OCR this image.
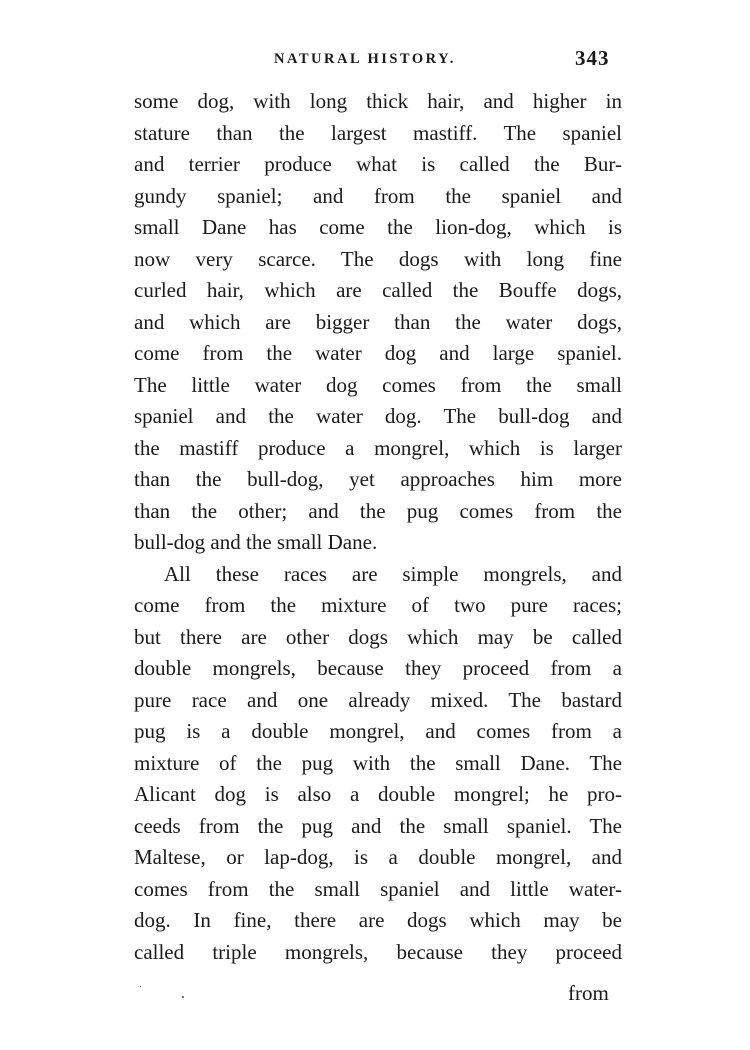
NATURAL HISTORY.	343
some dog, with long thick hair, and higher in
stature than the largest mastiff. The spaniel
and terrier produce what is called the Bur-
gundy spaniel; and from the spaniel and
small Dane has come the lion-dog, which is
now very scarce. The dogs with long fine
curled hair, which are called the Bouffe dogs,
and which are bigger than the water dogs,
come from the water dog and large spaniel.
The little water dog comes from the small
spaniel and the water dog. The bull-dog and
the mastiff produce a mongrel, which is larger
than the bull-dog, yet approaches him more
than the other; and the pug comes from the
bull-dog and the small Dane.
All these races are simple mongrels, and
come from the mixture of two pure races;
but there are other dogs which may be called
double mongrels, because they proceed from a
pure race and one already mixed. The bastard
pug is a double mongrel, and comes from a
mixture of the pug with the small Dane. The
Alicant dog is also a double mongrel; he pro-
ceeds from the pug and the small spaniel. The
Maltese, or lap-dog, is a double mongrel, and
comes from the small spaniel and little water-
dog. In fine, there are dogs which may be
called triple mongrels, because they proceed
from
